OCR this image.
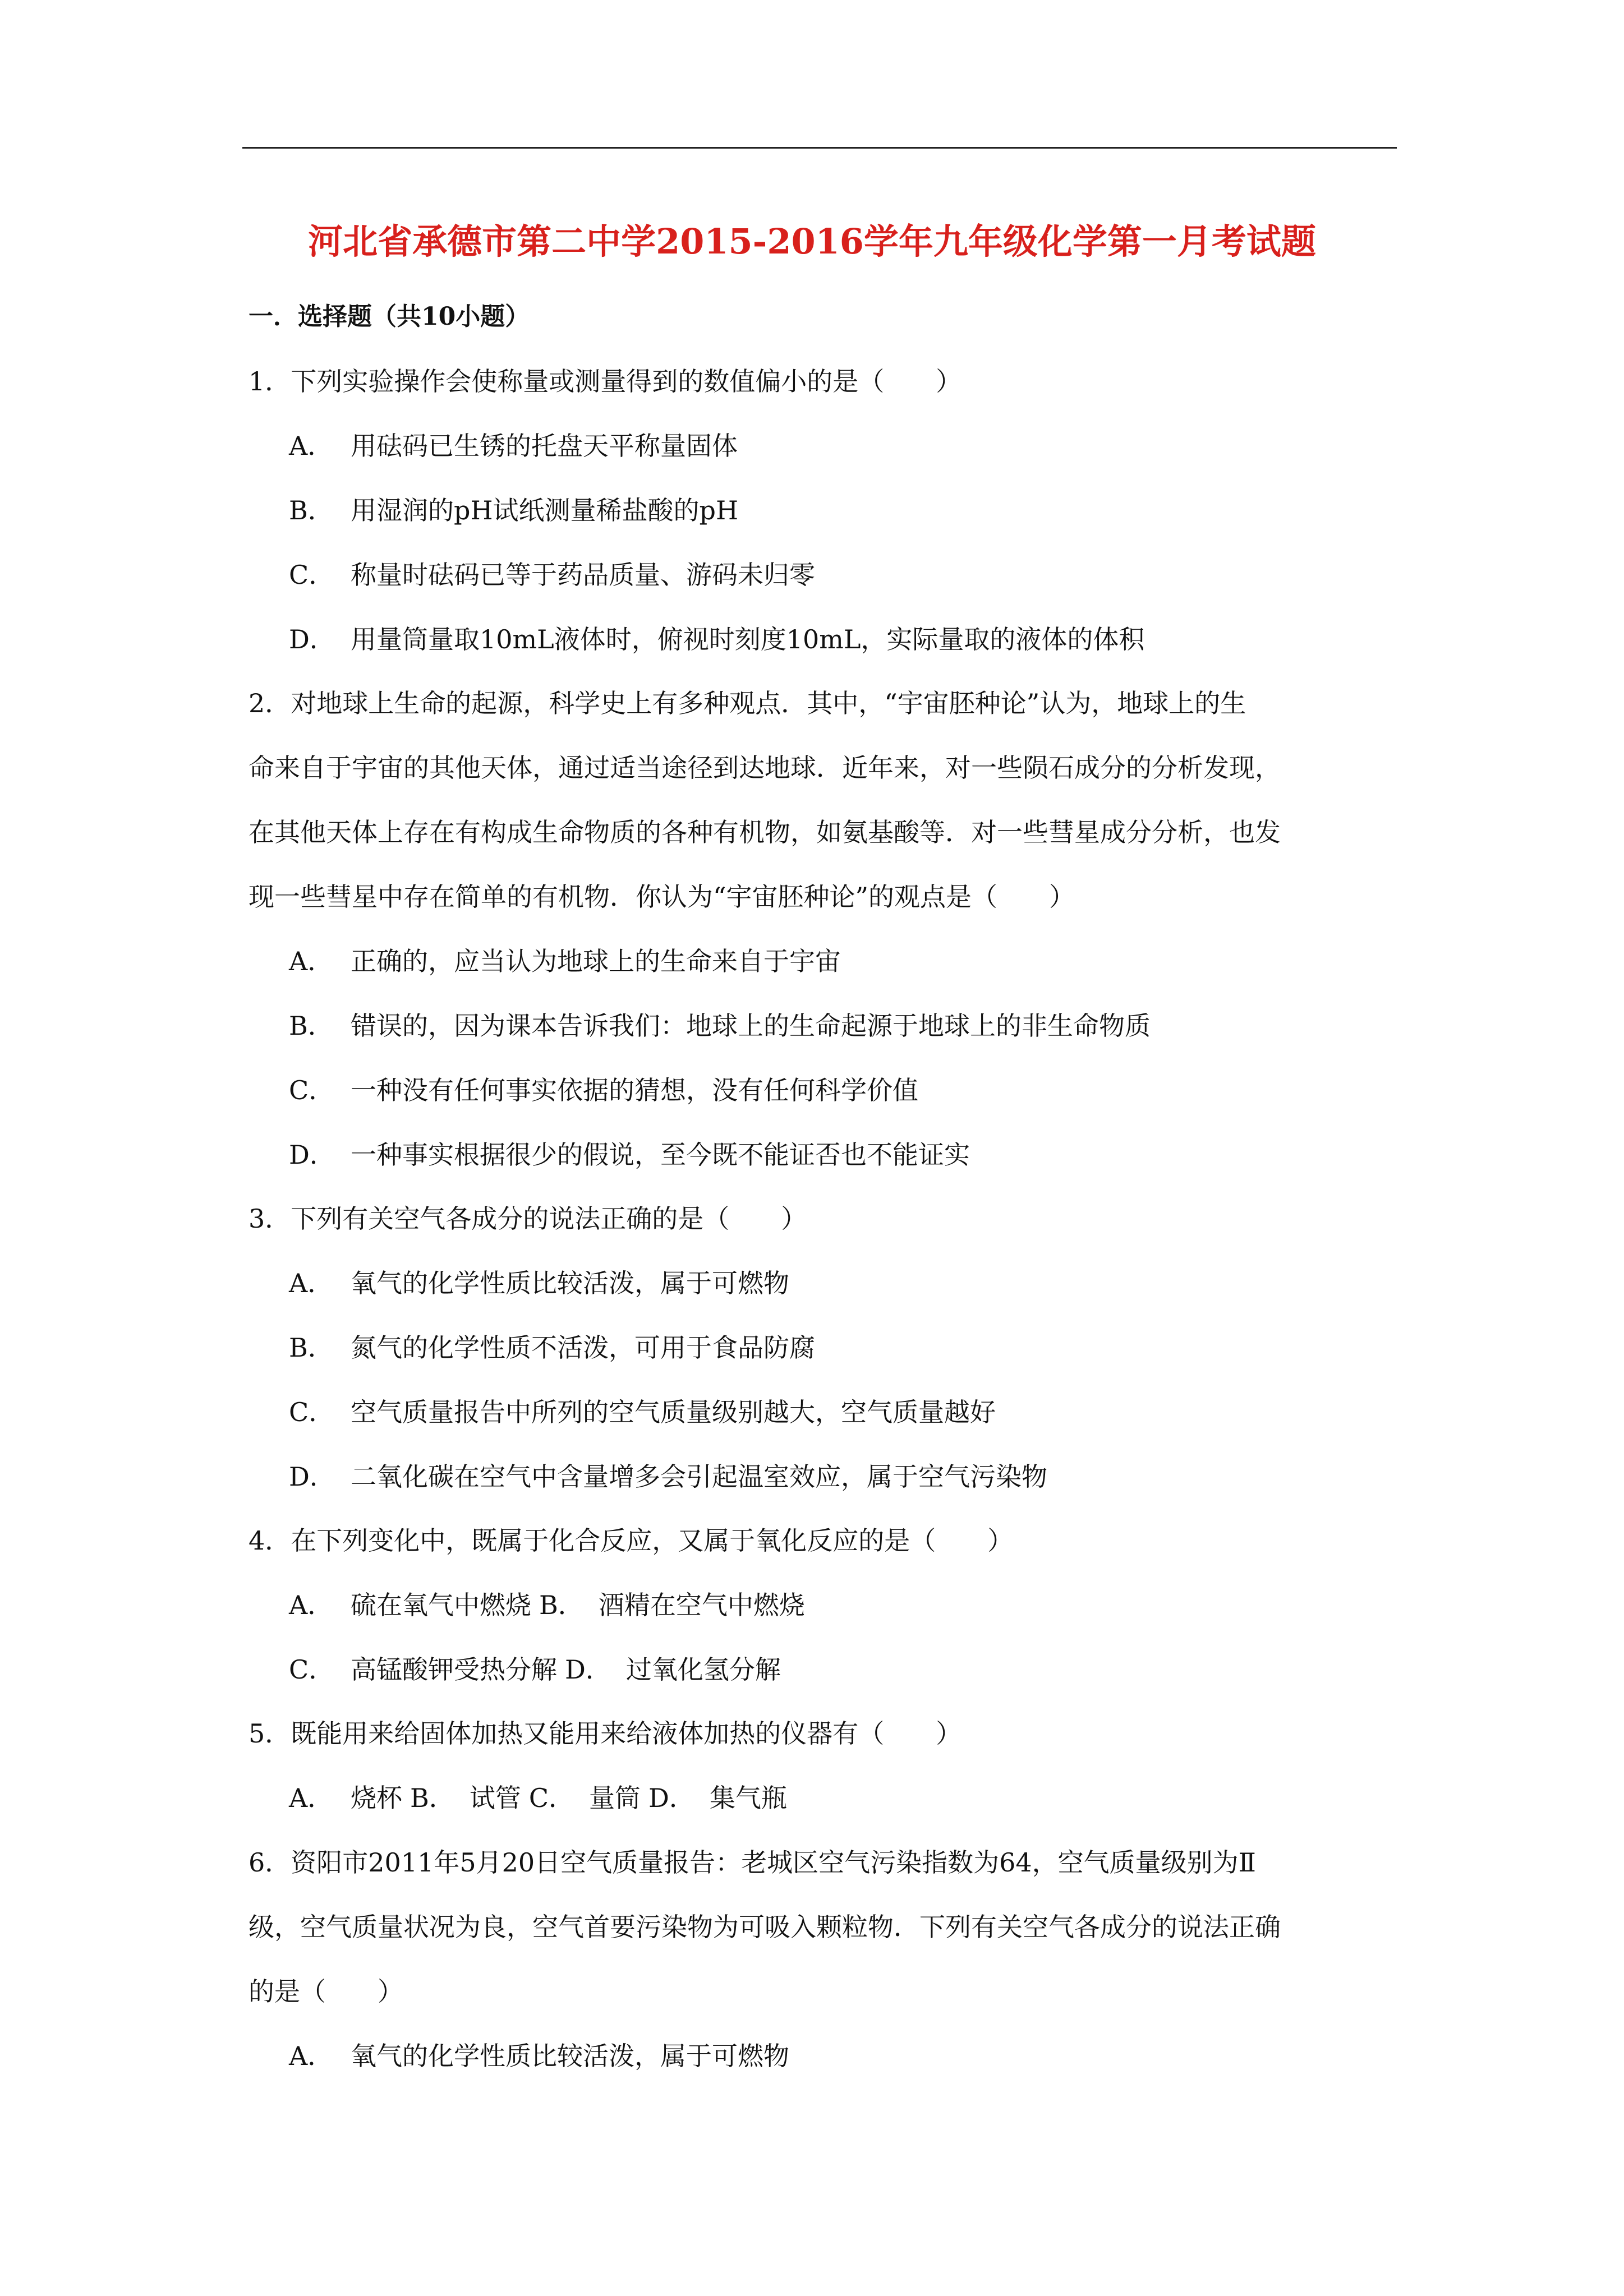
河北省承德市第二中学2015-2016学年九年级化学第一月考试题
一．选择题（共10小题）
1．下列实验操作会使称量或测量得到的数值偏小的是（　　）
A． 用砝码已生锈的托盘天平称量固体
B． 用湿润的pH试纸测量稀盐酸的pH
C． 称量时砝码已等于药品质量、游码未归零
D． 用量筒量取10mL液体时，俯视时刻度10mL，实际量取的液体的体积
2．对地球上生命的起源，科学史上有多种观点．其中，“宇宙胚种论”认为，地球上的生
命来自于宇宙的其他天体，通过适当途径到达地球．近年来，对一些陨石成分的分析发现，
在其他天体上存在有构成生命物质的各种有机物，如氨基酸等．对一些彗星成分分析，也发
现一些彗星中存在简单的有机物．你认为“宇宙胚种论”的观点是（　　）
A． 正确的，应当认为地球上的生命来自于宇宙
B． 错误的，因为课本告诉我们：地球上的生命起源于地球上的非生命物质
C． 一种没有任何事实依据的猜想，没有任何科学价值
D． 一种事实根据很少的假说，至今既不能证否也不能证实
3．下列有关空气各成分的说法正确的是（　　）
A． 氧气的化学性质比较活泼，属于可燃物
B． 氮气的化学性质不活泼，可用于食品防腐
C． 空气质量报告中所列的空气质量级别越大，空气质量越好
D． 二氧化碳在空气中含量增多会引起温室效应，属于空气污染物
4．在下列变化中，既属于化合反应，又属于氧化反应的是（　　）
A． 硫在氧气中燃烧 B． 酒精在空气中燃烧
C． 高锰酸钾受热分解 D． 过氧化氢分解
5．既能用来给固体加热又能用来给液体加热的仪器有（　　）
A． 烧杯 B． 试管 C． 量筒 D． 集气瓶
6．资阳市2011年5月20日空气质量报告：老城区空气污染指数为64，空气质量级别为Ⅱ
级，空气质量状况为良，空气首要污染物为可吸入颗粒物．下列有关空气各成分的说法正确
的是（　　）
A． 氧气的化学性质比较活泼，属于可燃物
